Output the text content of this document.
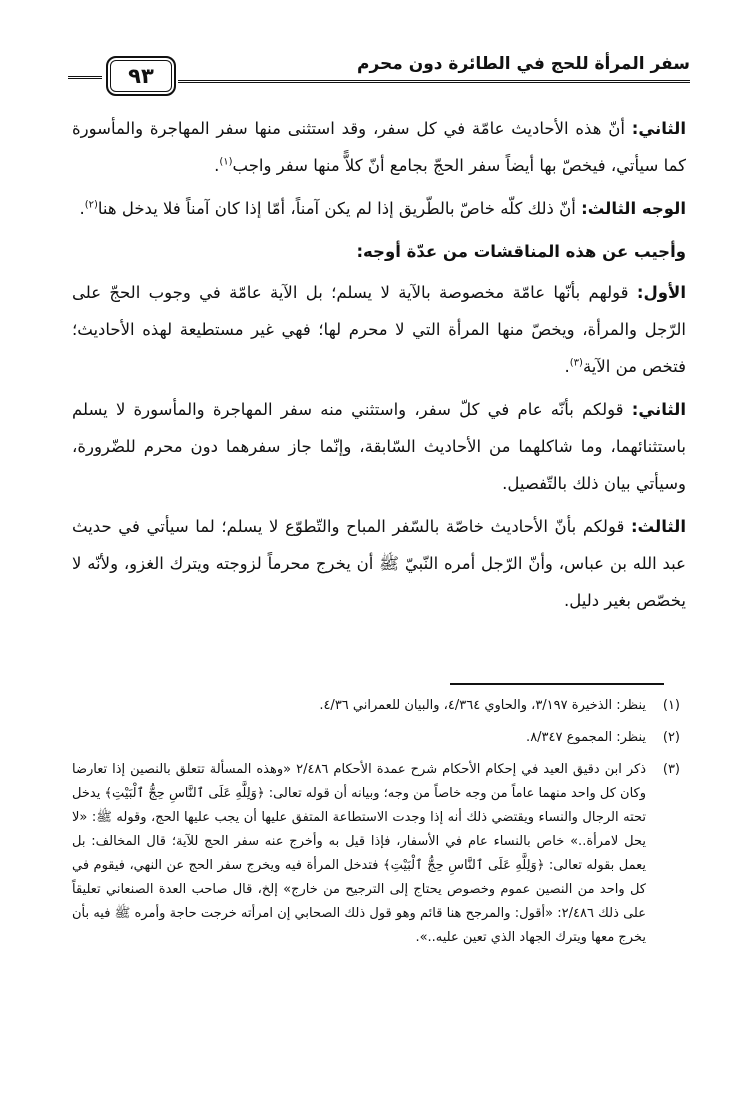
سفر المرأة للحج في الطائرة دون محرم
٩٣

الثاني: أنّ هذه الأحاديث عامّة في كل سفر، وقد استثنى منها سفر المهاجرة والمأسورة كما سيأتي، فيخصّ بها أيضاً سفر الحجّ بجامع أنّ كلاًّ منها سفر واجب$^{(١)}$.

الوجه الثالث: أنّ ذلك كلّه خاصّ بالطّريق إذا لم يكن آمناً، أمّا إذا كان آمناً فلا يدخل هنا$^{(٢)}$.

وأجيب عن هذه المناقشات من عدّة أوجه:

الأول: قولهم بأنّها عامّة مخصوصة بالآية لا يسلم؛ بل الآية عامّة في وجوب الحجّ على الرّجل والمرأة، ويخصّ منها المرأة التي لا محرم لها؛ فهي غير مستطيعة لهذه الأحاديث؛ فتخص من الآية$^{(٣)}$.

الثاني: قولكم بأنّه عام في كلّ سفر، واستثني منه سفر المهاجرة والمأسورة لا يسلم باستثنائهما، وما شاكلهما من الأحاديث السّابقة، وإنّما جاز سفرهما دون محرم للضّرورة، وسيأتي بيان ذلك بالتّفصيل.

الثالث: قولكم بأنّ الأحاديث خاصّة بالسّفر المباح والتّطوّع لا يسلم؛ لما سيأتي في حديث عبد الله بن عباس، وأنّ الرّجل أمره النّبيّ ﷺ أن يخرج محرماً لزوجته ويترك الغزو، ولأنّه لا يخصّص بغير دليل.

(١)
ينظر: الذخيرة ٣/١٩٧، والحاوي ٤/٣٦٤، والبيان للعمراني ٤/٣٦.
(٢)
ينظر: المجموع ٨/٣٤٧.
(٣)
ذكر ابن دقيق العيد في إحكام الأحكام شرح عمدة الأحكام ٢/٤٨٦ «وهذه المسألة تتعلق بالنصين إذا تعارضا وكان كل واحد منهما عاماً من وجه خاصاً من وجه؛ وبيانه أن قوله تعالى: ﴿وَلِلَّهِ عَلَى ٱلنَّاسِ حِجُّ ٱلْبَيْتِ﴾ يدخل تحته الرجال والنساء ويقتضي ذلك أنه إذا وجدت الاستطاعة المتفق عليها أن يجب عليها الحج، وقوله ﷺ: «لا يحل لامرأة..» خاص بالنساء عام في الأسفار، فإذا قيل به وأخرج عنه سفر الحج للآية؛ قال المخالف: بل يعمل بقوله تعالى: ﴿وَلِلَّهِ عَلَى ٱلنَّاسِ حِجُّ ٱلْبَيْتِ﴾ فتدخل المرأة فيه ويخرج سفر الحج عن النهي، فيقوم في كل واحد من النصين عموم وخصوص يحتاج إلى الترجيح من خارج» إلخ، قال صاحب العدة الصنعاني تعليقاً على ذلك ٢/٤٨٦: «أقول: والمرجح هنا قائم وهو قول ذلك الصحابي إن امرأته خرجت حاجة وأمره ﷺ فيه بأن يخرج معها ويترك الجهاد الذي تعين عليه..».
